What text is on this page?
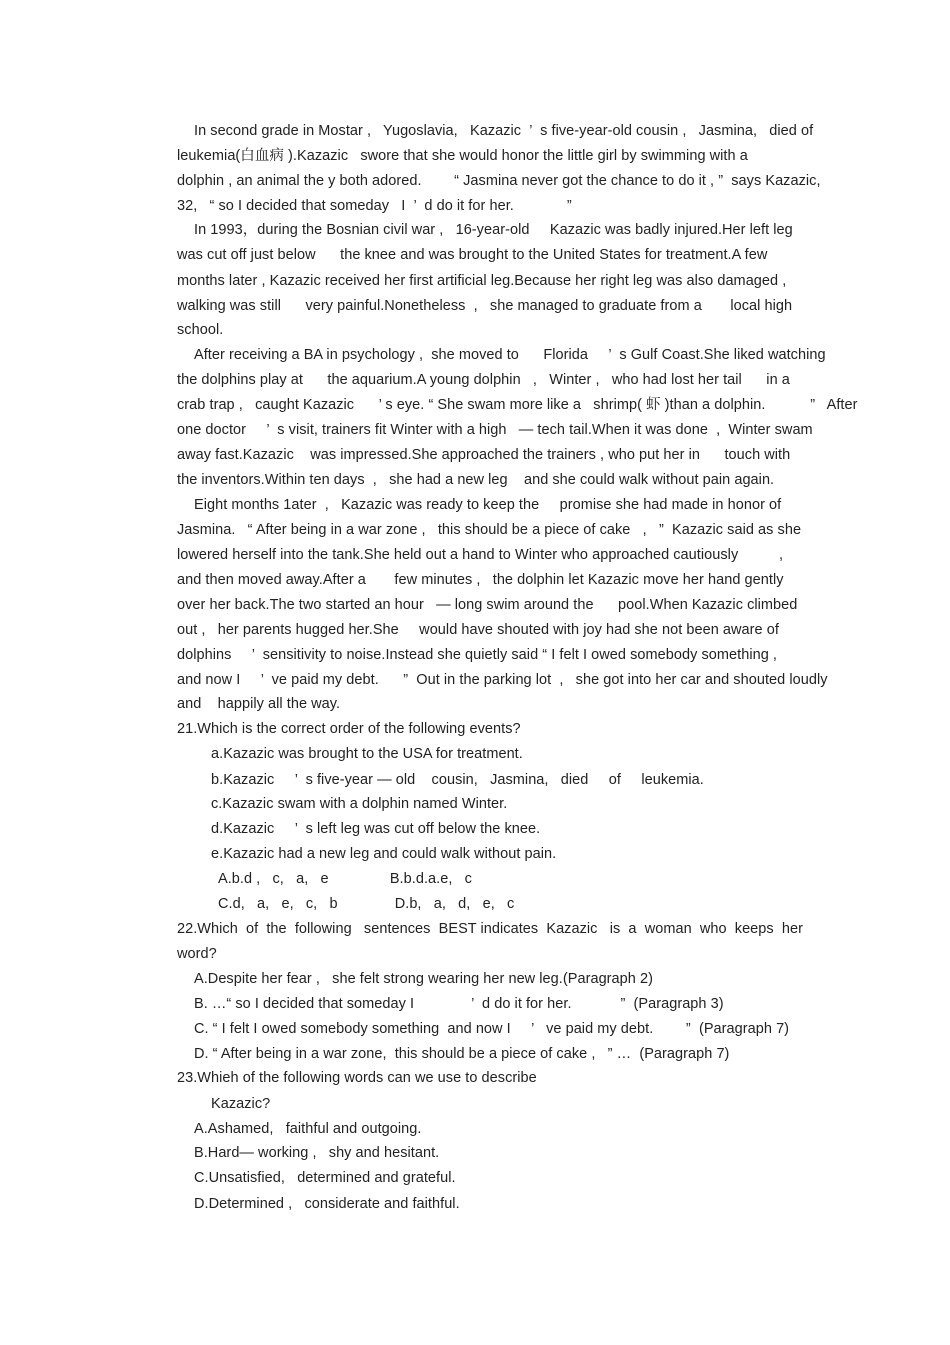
In second grade in Mostar ,   Yugoslavia,   Kazazic  ’  s five-year-old cousin ,   Jasmina,   died of
leukemia(白血病 ).Kazazic   swore that she would honor the little girl by swimming with a
dolphin , an animal the y both adored.        “ Jasmina never got the chance to do it , ”  says Kazazic,
32,   “ so I decided that someday   I  ’  d do it for her.             ”
In 1993，during the Bosnian civil war ,   16-year-old     Kazazic was badly injured.Her left leg
was cut off just below      the knee and was brought to the United States for treatment.A few
months later , Kazazic received her first artificial leg.Because her right leg was also damaged ,
walking was still      very painful.Nonetheless  ,   she managed to graduate from a       local high
school.
After receiving a BA in psychology ,  she moved to      Florida     ’  s Gulf Coast.She liked watching
the dolphins play at      the aquarium.A young dolphin   ,   Winter ,   who had lost her tail      in a
crab trap ,   caught Kazazic      ’ s eye. “ She swam more like a   shrimp( 虾 )than a dolphin.           ”   After
one doctor     ’  s visit, trainers fit Winter with a high   — tech tail.When it was done  ,  Winter swam
away fast.Kazazic    was impressed.She approached the trainers , who put her in      touch with
the inventors.Within ten days  ,   she had a new leg    and she could walk without pain again.
Eight months 1ater  ,   Kazazic was ready to keep the     promise she had made in honor of
Jasmina.   “ After being in a war zone ,   this should be a piece of cake   ,   ”  Kazazic said as she
lowered herself into the tank.She held out a hand to Winter who approached cautiously          ,
and then moved away.After a       few minutes ,   the dolphin let Kazazic move her hand gently
over her back.The two started an hour   — long swim around the      pool.When Kazazic climbed
out ,   her parents hugged her.She     would have shouted with joy had she not been aware of
dolphins     ’  sensitivity to noise.Instead she quietly said “ I felt I owed somebody something ,
and now I     ’  ve paid my debt.      ”  Out in the parking lot  ,   she got into her car and shouted loudly
and    happily all the way.
21.Which is the correct order of the following events?
a.Kazazic was brought to the USA for treatment.
b.Kazazic     ’  s five-year — old    cousin,   Jasmina,   died     of     leukemia.
c.Kazazic swam with a dolphin named Winter.
d.Kazazic     ’  s left leg was cut off below the knee.
e.Kazazic had a new leg and could walk without pain.
A.b.d ,   c,   a,   e               B.b.d.a.e,   c
C.d,   a,   e,   c,   b              D.b,   a,   d,   e,   c
22.Which  of  the  following   sentences  BEST indicates  Kazazic   is  a  woman  who  keeps  her
word?
A.Despite her fear ,   she felt strong wearing her new leg.(Paragraph 2)
B. …“ so I decided that someday I              ’  d do it for her.            ”  (Paragraph 3)
C. “ I felt I owed somebody something  and now I     ’   ve paid my debt.        ”  (Paragraph 7)
D. “ After being in a war zone,  this should be a piece of cake ,   ” …  (Paragraph 7)
23.Whieh of the following words can we use to describe
Kazazic?
A.Ashamed,   faithful and outgoing.
B.Hard— working ,   shy and hesitant.
C.Unsatisfied,   determined and grateful.
D.Determined ,   considerate and faithful.
